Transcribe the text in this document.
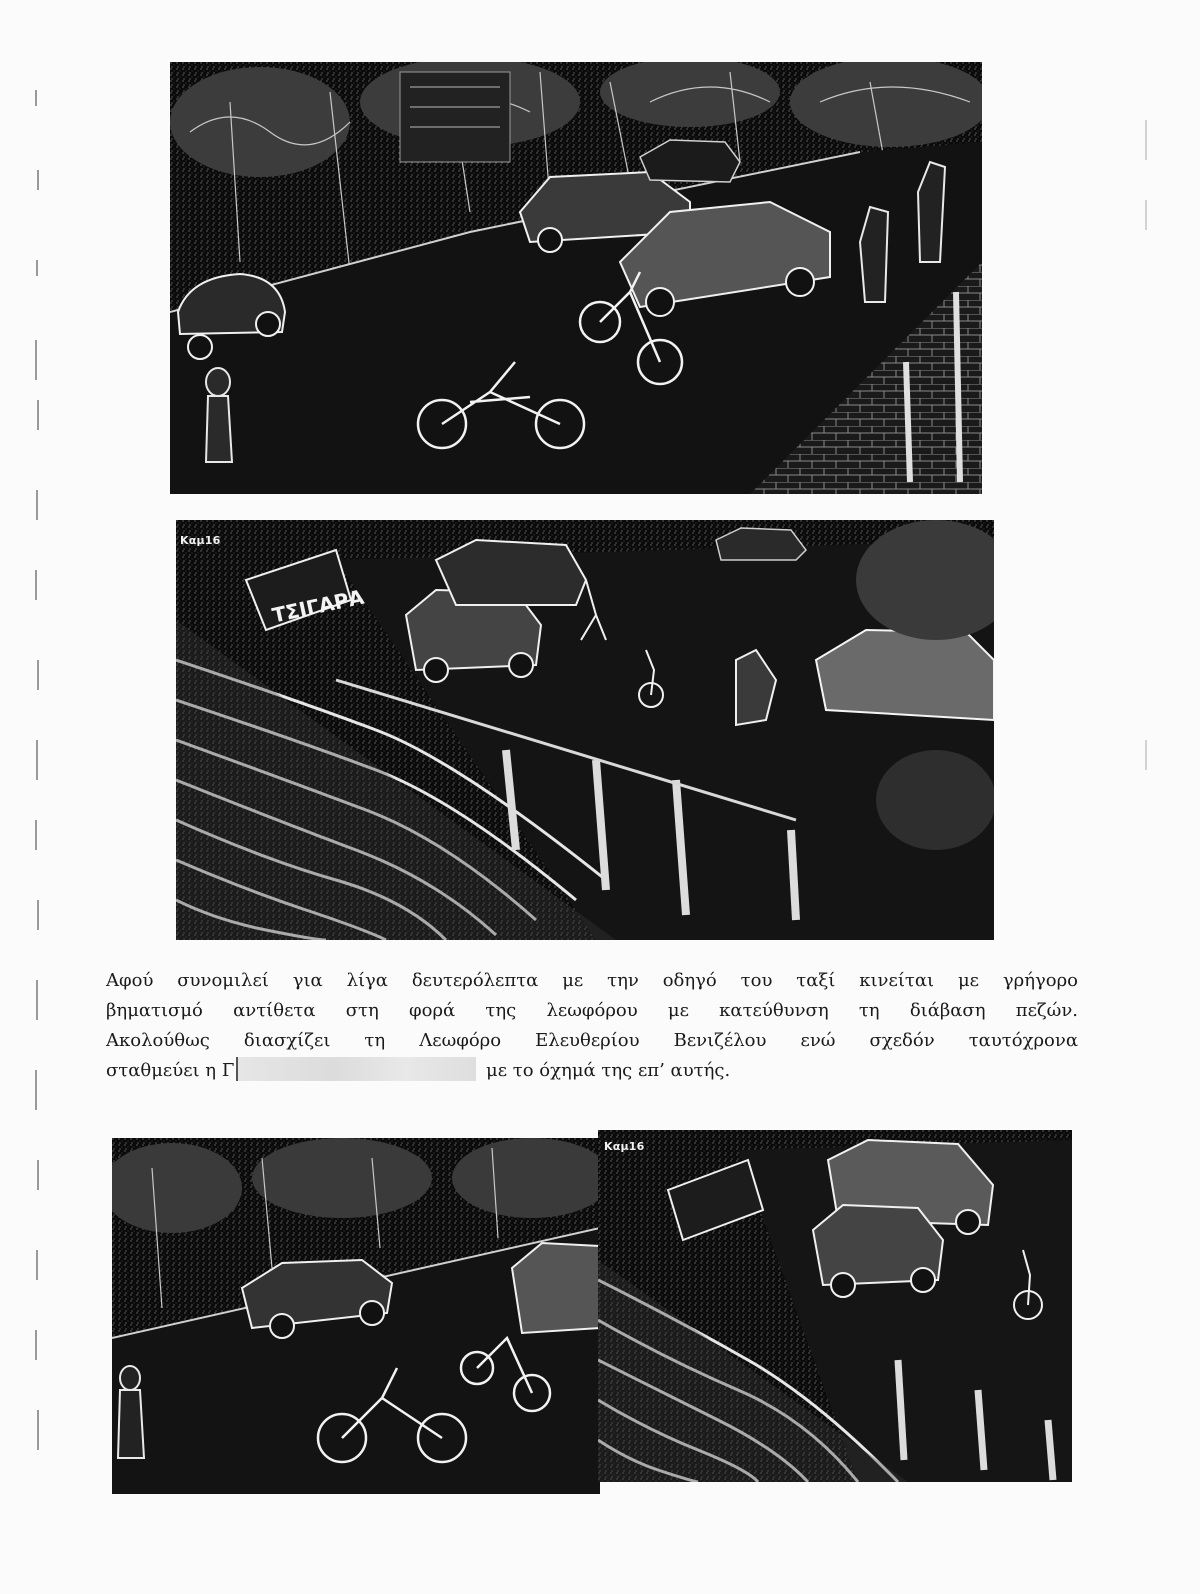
Καμ16
ΤΣΙΓΑΡΑ
Αφού συνομιλεί για λίγα δευτερόλεπτα με την οδηγό του ταξί κινείται με γρήγορο
βηματισμό αντίθετα στη φορά της λεωφόρου με κατεύθυνση τη διάβαση πεζών.
Ακολούθως διασχίζει τη Λεωφόρο Ελευθερίου Βενιζέλου ενώ σχεδόν ταυτόχρονα
σταθμεύει η Γ	με το όχημά της επ’ αυτής.
Καμ16
